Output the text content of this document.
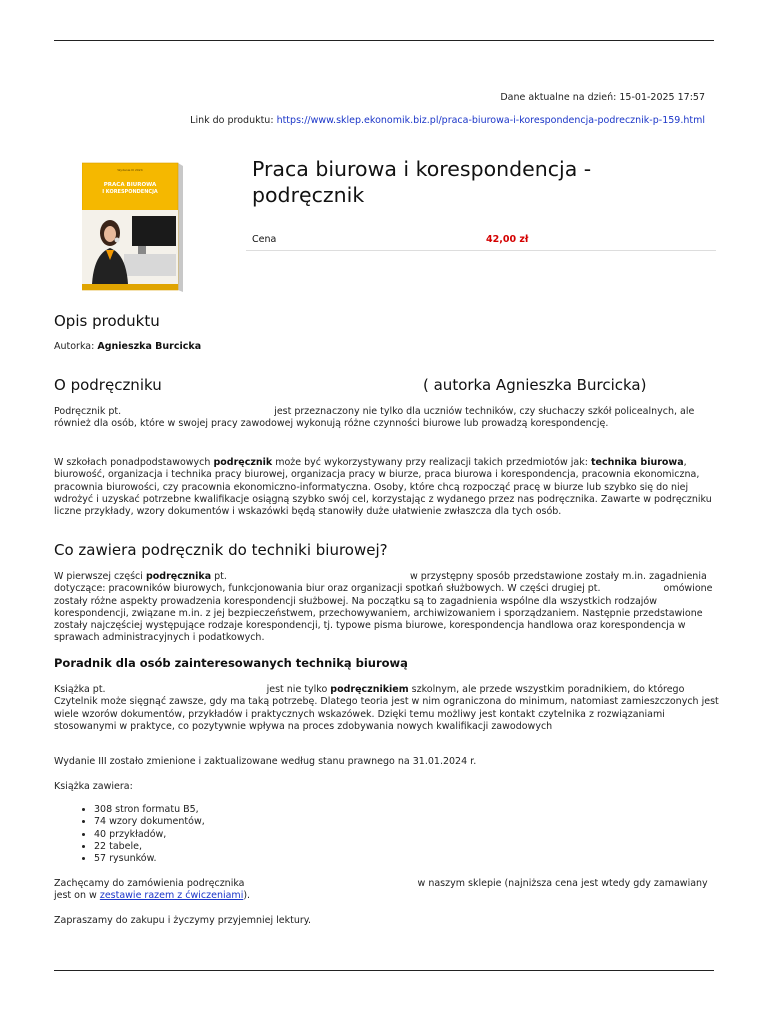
Dane aktualne na dzień: 15-01-2025 17:57
Link do produktu: https://www.sklep.ekonomik.biz.pl/praca-biurowa-i-korespondencja-podrecznik-p-159.html
Wydanie III 2024
PRACA BIUROWA
I KORESPONDENCJA
Praca biurowa i korespondencja - podręcznik
Cena	42,00 zł
Opis produktu

Autorka: Agnieszka Burcicka

O podręczniku	( autorka Agnieszka Burcicka)

Podręcznik pt.	jest przeznaczony nie tylko dla uczniów techników, czy słuchaczy szkół policealnych, ale również dla osób, które w swojej pracy zawodowej wykonują różne czynności biurowe lub prowadzą korespondencję.

W szkołach ponadpodstawowych podręcznik może być wykorzystywany przy realizacji takich przedmiotów jak: technika biurowa, biurowość, organizacja i technika pracy biurowej, organizacja pracy w biurze, praca biurowa i korespondencja, pracownia ekonomiczna, pracownia biurowości, czy pracownia ekonomiczno-informatyczna. Osoby, które chcą rozpocząć pracę w biurze lub szybko się do niej wdrożyć i uzyskać potrzebne kwalifikacje osiągną szybko swój cel, korzystając z wydanego przez nas podręcznika. Zawarte w podręczniku liczne przykłady, wzory dokumentów i wskazówki będą stanowiły duże ułatwienie zwłaszcza dla tych osób.

Co zawiera podręcznik do techniki biurowej?

W pierwszej części podręcznika pt.	w przystępny sposób przedstawione zostały m.in. zagadnienia dotyczące: pracowników biurowych, funkcjonowania biur oraz organizacji spotkań służbowych. W części drugiej pt.	omówione zostały różne aspekty prowadzenia korespondencji służbowej. Na początku są to zagadnienia wspólne dla wszystkich rodzajów korespondencji, związane m.in. z jej bezpieczeństwem, przechowywaniem, archiwizowaniem i sporządzaniem. Następnie przedstawione zostały najczęściej występujące rodzaje korespondencji, tj. typowe pisma biurowe, korespondencja handlowa oraz korespondencja w sprawach administracyjnych i podatkowych.

Poradnik dla osób zainteresowanych techniką biurową

Książka pt.	jest nie tylko podręcznikiem szkolnym, ale przede wszystkim poradnikiem, do którego Czytelnik może sięgnąć zawsze, gdy ma taką potrzebę. Dlatego teoria jest w nim ograniczona do minimum, natomiast zamieszczonych jest wiele wzorów dokumentów, przykładów i praktycznych wskazówek. Dzięki temu możliwy jest kontakt czytelnika z rozwiązaniami stosowanymi w praktyce, co pozytywnie wpływa na proces zdobywania nowych kwalifikacji zawodowych

Wydanie III zostało zmienione i zaktualizowane według stanu prawnego na 31.01.2024 r.

Książka zawiera:

• 308 stron formatu B5,
• 74 wzory dokumentów,
• 40 przykładów,
• 22 tabele,
• 57 rysunków.

Zachęcamy do zamówienia podręcznika	w naszym sklepie (najniższa cena jest wtedy gdy zamawiany jest on w zestawie razem z ćwiczeniami).

Zapraszamy do zakupu i życzymy przyjemniej lektury.
